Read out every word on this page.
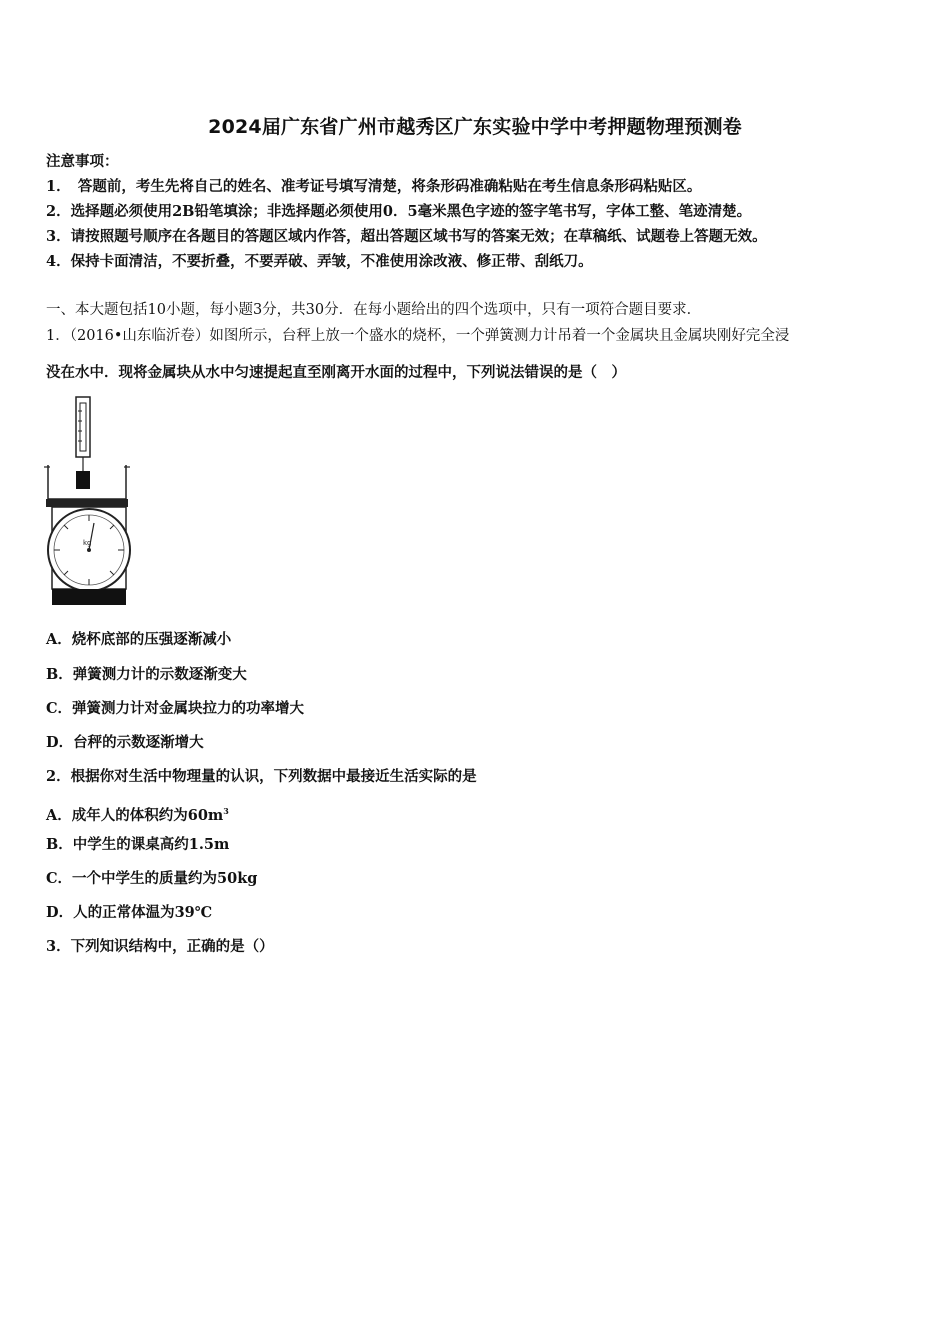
2024届广东省广州市越秀区广东实验中学中考押题物理预测卷
注意事项：
1．　答题前，考生先将自己的姓名、准考证号填写清楚，将条形码准确粘贴在考生信息条形码粘贴区。
2．选择题必须使用2B铅笔填涂；非选择题必须使用0．5毫米黑色字迹的签字笔书写，字体工整、笔迹清楚。
3．请按照题号顺序在各题目的答题区域内作答，超出答题区域书写的答案无效；在草稿纸、试题卷上答题无效。
4．保持卡面清洁，不要折叠，不要弄破、弄皱，不准使用涂改液、修正带、刮纸刀。
一、本大题包括10小题，每小题3分，共30分．在每小题给出的四个选项中，只有一项符合题目要求．
1．（2016•山东临沂卷）如图所示，台秤上放一个盛水的烧杯，一个弹簧测力计吊着一个金属块且金属块刚好完全浸
没在水中．现将金属块从水中匀速提起直至刚离开水面的过程中，下列说法错误的是（　）
kg
A．烧杯底部的压强逐渐减小
B．弹簧测力计的示数逐渐变大
C．弹簧测力计对金属块拉力的功率增大
D．台秤的示数逐渐增大
2．根据你对生活中物理量的认识，下列数据中最接近生活实际的是
A．成年人的体积约为$60m^3$
B．中学生的课桌高约1.5m
C．一个中学生的质量约为50kg
D．人的正常体温为39℃
3．下列知识结构中，正确的是（）
